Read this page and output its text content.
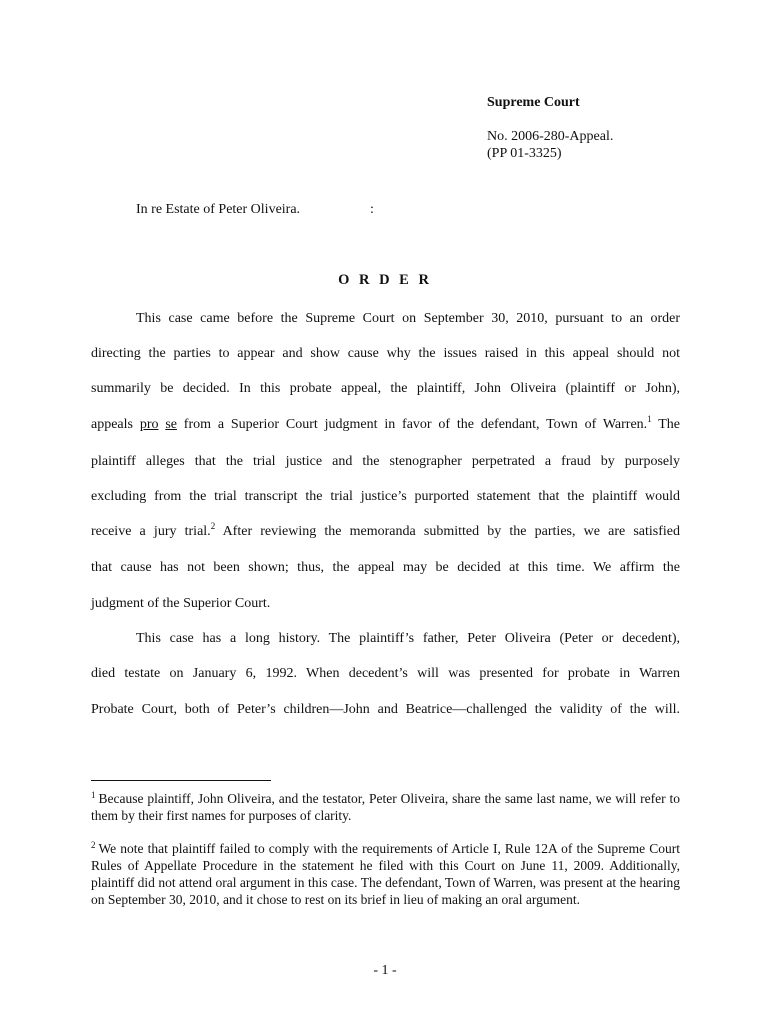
Supreme Court
No. 2006-280-Appeal.
(PP 01-3325)
In re Estate of Peter Oliveira.	:
O R D E R
This case came before the Supreme Court on September 30, 2010, pursuant to an order
directing the parties to appear and show cause why the issues raised in this appeal should not
summarily be decided. In this probate appeal, the plaintiff, John Oliveira (plaintiff or John),
appeals pro se from a Superior Court judgment in favor of the defendant, Town of Warren.$^1$ The
plaintiff alleges that the trial justice and the stenographer perpetrated a fraud by purposely
excluding from the trial transcript the trial justice’s purported statement that the plaintiff would
receive a jury trial.$^2$ After reviewing the memoranda submitted by the parties, we are satisfied
that cause has not been shown; thus, the appeal may be decided at this time. We affirm the
judgment of the Superior Court.
This case has a long history. The plaintiff’s father, Peter Oliveira (Peter or decedent),
died testate on January 6, 1992. When decedent’s will was presented for probate in Warren
Probate Court, both of Peter’s children—John and Beatrice—challenged the validity of the will.
$^1$ Because plaintiff, John Oliveira, and the testator, Peter Oliveira, share the same last name, we will refer to them by their first names for purposes of clarity.
$^2$ We note that plaintiff failed to comply with the requirements of Article I, Rule 12A of the Supreme Court Rules of Appellate Procedure in the statement he filed with this Court on June 11, 2009. Additionally, plaintiff did not attend oral argument in this case. The defendant, Town of Warren, was present at the hearing on September 30, 2010, and it chose to rest on its brief in lieu of making an oral argument.
- 1 -
